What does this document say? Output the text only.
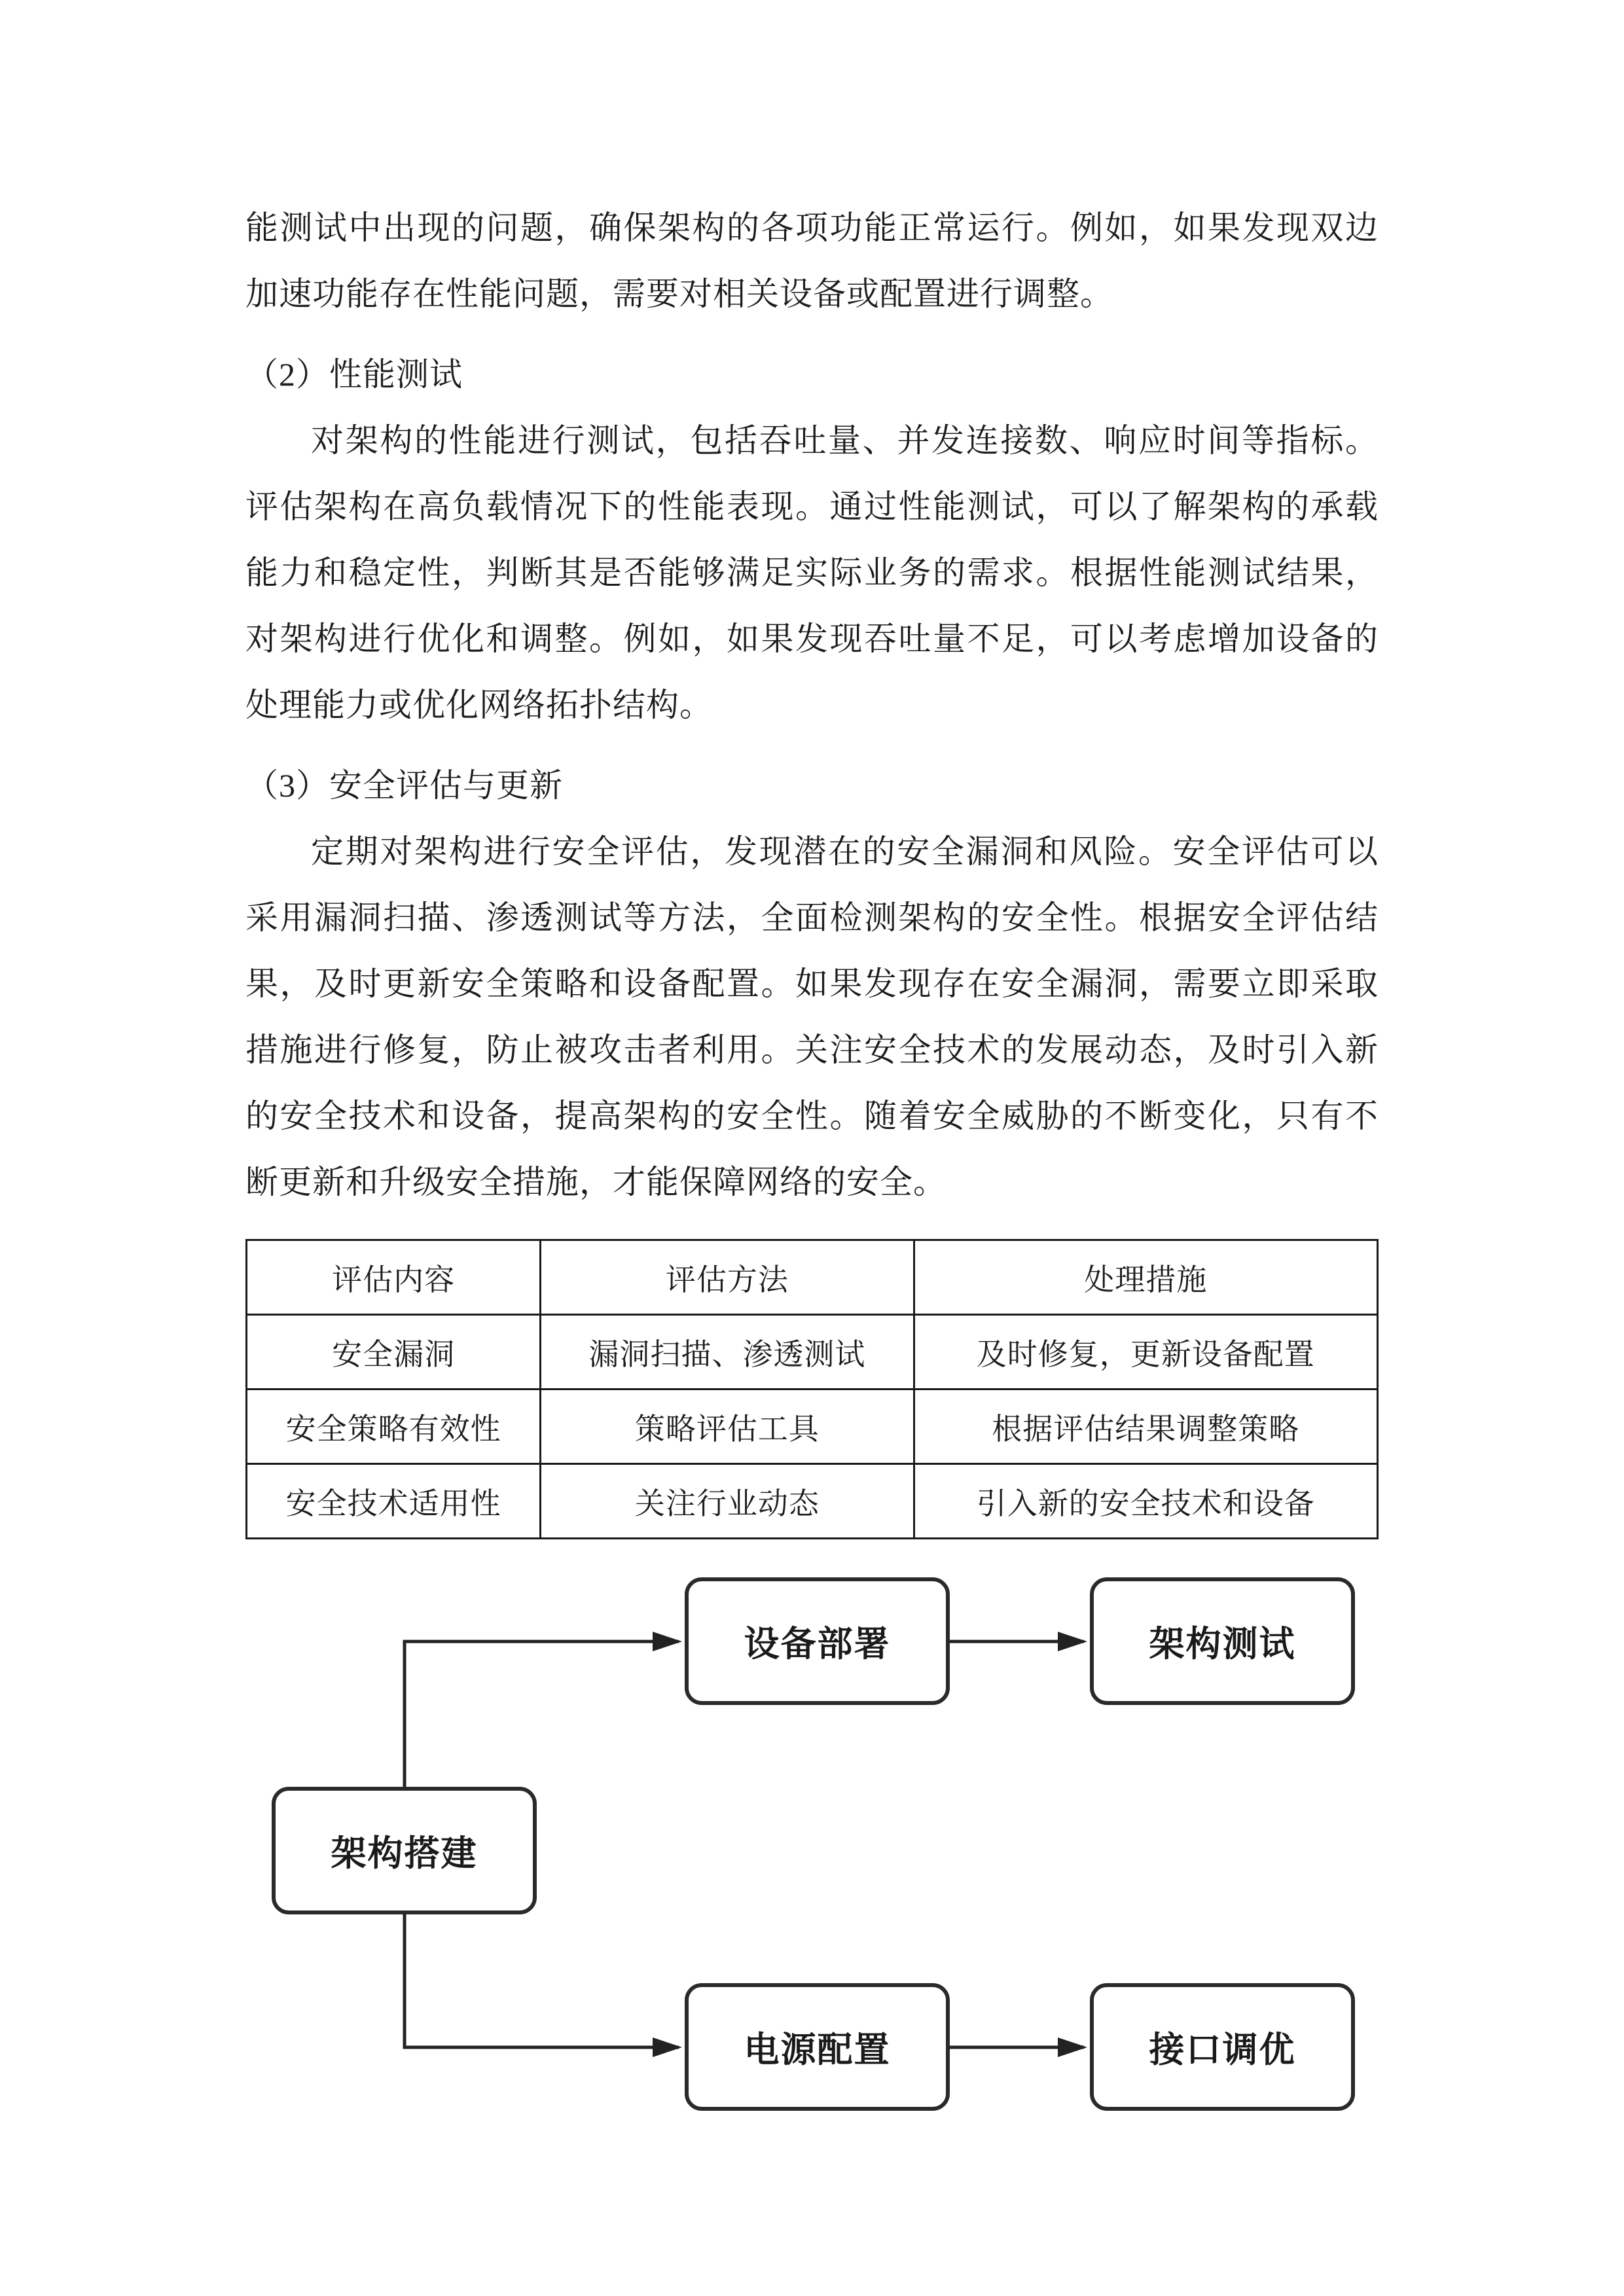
能测试中出现的问题，确保架构的各项功能正常运行。例如，如果发现双边加速功能存在性能问题，需要对相关设备或配置进行调整。

（2）性能测试

对架构的性能进行测试，包括吞吐量、并发连接数、响应时间等指标。评估架构在高负载情况下的性能表现。通过性能测试，可以了解架构的承载能力和稳定性，判断其是否能够满足实际业务的需求。根据性能测试结果，对架构进行优化和调整。例如，如果发现吞吐量不足，可以考虑增加设备的处理能力或优化网络拓扑结构。

（3）安全评估与更新

定期对架构进行安全评估，发现潜在的安全漏洞和风险。安全评估可以采用漏洞扫描、渗透测试等方法，全面检测架构的安全性。根据安全评估结果，及时更新安全策略和设备配置。如果发现存在安全漏洞，需要立即采取措施进行修复，防止被攻击者利用。关注安全技术的发展动态，及时引入新的安全技术和设备，提高架构的安全性。随着安全威胁的不断变化，只有不断更新和升级安全措施，才能保障网络的安全。

评估内容	评估方法	处理措施
安全漏洞	漏洞扫描、渗透测试	及时修复，更新设备配置
安全策略有效性	策略评估工具	根据评估结果调整策略
安全技术适用性	关注行业动态	引入新的安全技术和设备
架构搭建
设备部署	架构测试
电源配置	接口调优
